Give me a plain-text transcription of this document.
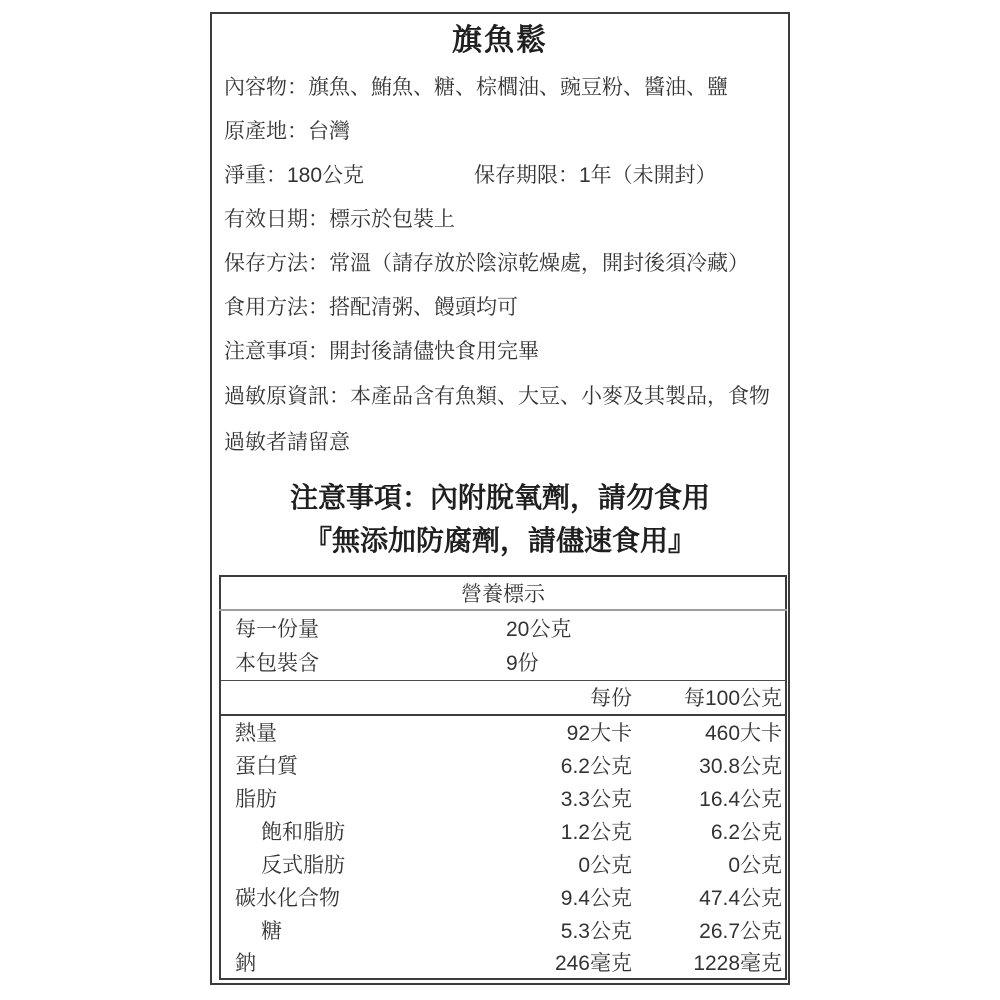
旗魚鬆
內容物：旗魚、鮪魚、糖、棕櫚油、豌豆粉、醬油、鹽
原產地：台灣
淨重：180公克	保存期限：1年（未開封）
有效日期：標示於包裝上
保存方法：常溫（請存放於陰涼乾燥處，開封後須冷藏）
食用方法：搭配清粥、饅頭均可
注意事項：開封後請儘快食用完畢
過敏原資訊：本產品含有魚類、大豆、小麥及其製品，食物過敏者請留意
注意事項：內附脫氧劑，請勿食用
『無添加防腐劑，請儘速食用』
營養標示		
每一份量	20公克	
本包裝含	9份	
	每份	每100公克
熱量	92大卡	460大卡
蛋白質	6.2公克	30.8公克
脂肪	3.3公克	16.4公克
飽和脂肪	1.2公克	6.2公克
反式脂肪	0公克	0公克
碳水化合物	9.4公克	47.4公克
糖	5.3公克	26.7公克
鈉	246毫克	1228毫克
